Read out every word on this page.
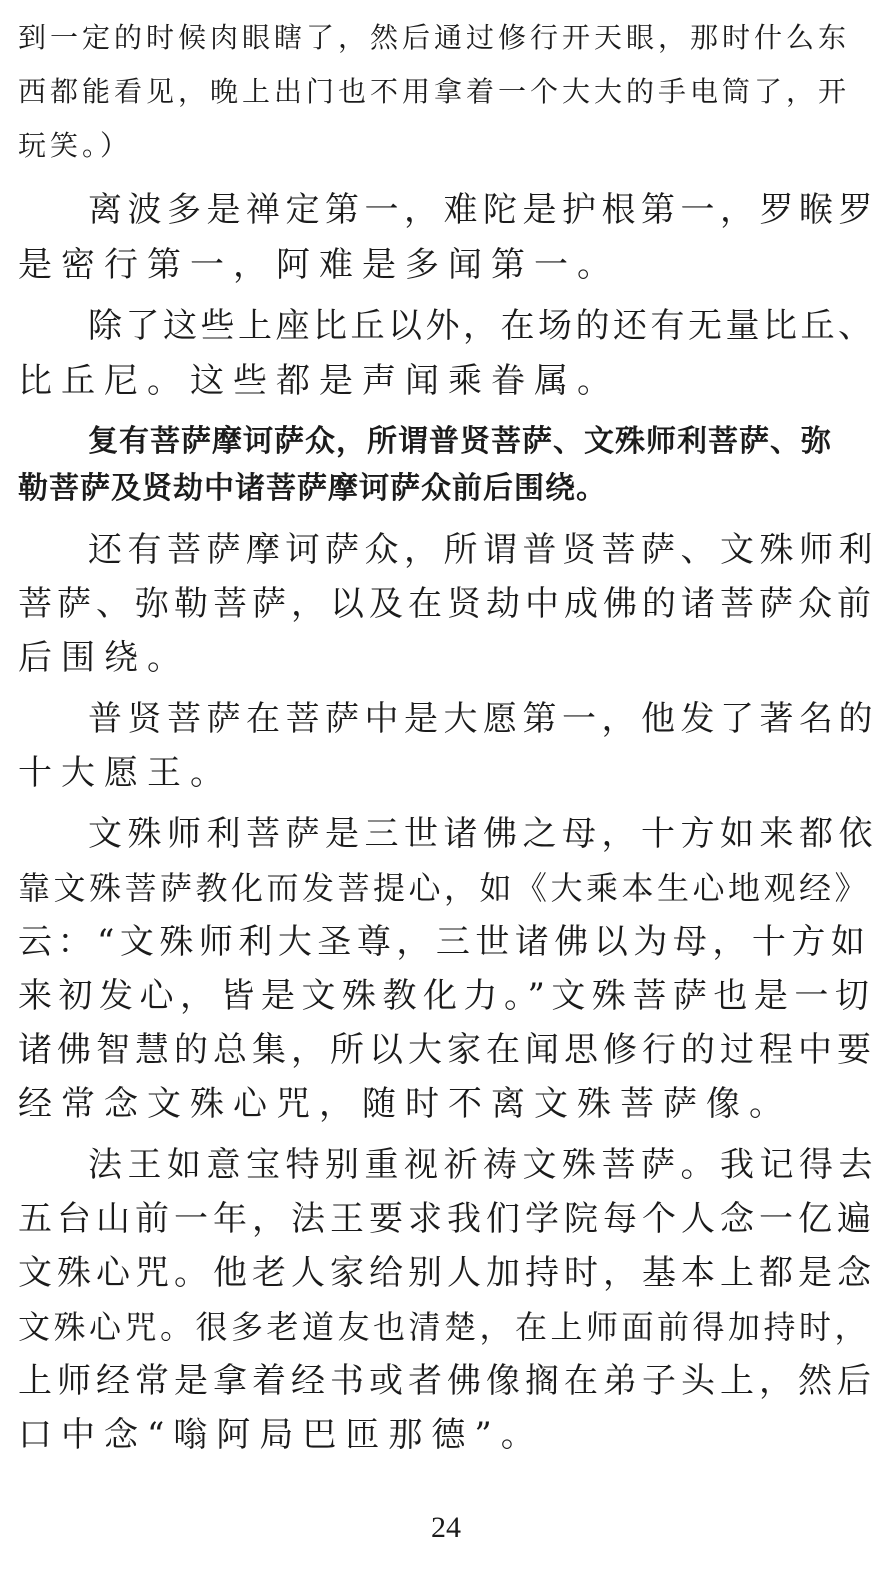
到一定的时候肉眼瞎了，然后通过修行开天眼，那时什么东
西都能看见，晚上出门也不用拿着一个大大的手电筒了，开
玩笑。）
离波多是禅定第一，难陀是护根第一，罗睺罗
是密行第一，阿难是多闻第一。
除了这些上座比丘以外，在场的还有无量比丘、
比丘尼。这些都是声闻乘眷属。
复有菩萨摩诃萨众，所谓普贤菩萨、文殊师利菩萨、弥
勒菩萨及贤劫中诸菩萨摩诃萨众前后围绕。
还有菩萨摩诃萨众，所谓普贤菩萨、文殊师利
菩萨、弥勒菩萨，以及在贤劫中成佛的诸菩萨众前
后围绕。
普贤菩萨在菩萨中是大愿第一，他发了著名的
十大愿王。
文殊师利菩萨是三世诸佛之母，十方如来都依
靠文殊菩萨教化而发菩提心，如《大乘本生心地观经》
云：“文殊师利大圣尊，三世诸佛以为母，十方如
来初发心，皆是文殊教化力。”文殊菩萨也是一切
诸佛智慧的总集，所以大家在闻思修行的过程中要
经常念文殊心咒，随时不离文殊菩萨像。
法王如意宝特别重视祈祷文殊菩萨。我记得去
五台山前一年，法王要求我们学院每个人念一亿遍
文殊心咒。他老人家给别人加持时，基本上都是念
文殊心咒。很多老道友也清楚，在上师面前得加持时，
上师经常是拿着经书或者佛像搁在弟子头上，然后
口中念“嗡阿局巴匝那德”。
24
